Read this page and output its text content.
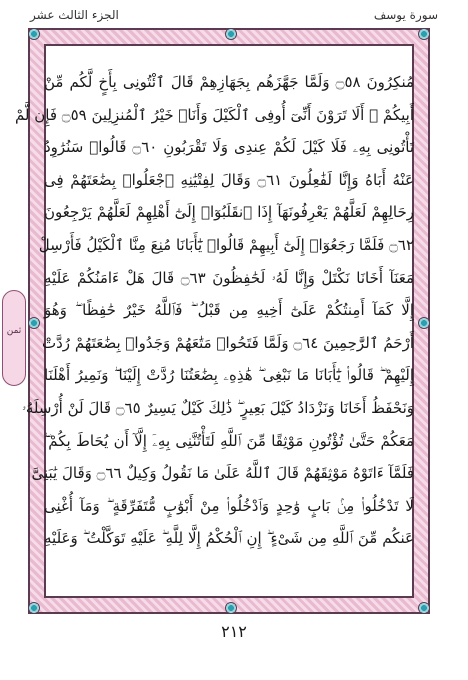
سورة يوسف
الجزء الثالث عشر
مُنكِرُونَ ۝٥٨ وَلَمَّا جَهَّزَهُم بِجَهَازِهِمْ قَالَ ٱئْتُونِى بِأَخٍ لَّكُم مِّنْ
أَبِيكُمْ ۚ أَلَا تَرَوْنَ أَنِّىٓ أُوفِى ٱلْكَيْلَ وَأَنَا۠ خَيْرُ ٱلْمُنزِلِينَ ۝٥٩ فَإِن لَّمْ
تَأْتُونِى بِهِۦ فَلَا كَيْلَ لَكُمْ عِندِى وَلَا تَقْرَبُونِ ۝٦٠ قَالُوا۟ سَنُرَٰوِدُ
عَنْهُ أَبَاهُ وَإِنَّا لَفَٰعِلُونَ ۝٦١ وَقَالَ لِفِتْيَٰنِهِ ٱجْعَلُوا۟ بِضَٰعَتَهُمْ فِى
رِحَالِهِمْ لَعَلَّهُمْ يَعْرِفُونَهَآ إِذَا ٱنقَلَبُوٓا۟ إِلَىٰٓ أَهْلِهِمْ لَعَلَّهُمْ يَرْجِعُونَ
۝٦٢ فَلَمَّا رَجَعُوٓا۟ إِلَىٰٓ أَبِيهِمْ قَالُوا۟ يَٰٓأَبَانَا مُنِعَ مِنَّا ٱلْكَيْلُ فَأَرْسِلْ
مَعَنَآ أَخَانَا نَكْتَلْ وَإِنَّا لَهُۥ لَحَٰفِظُونَ ۝٦٣ قَالَ هَلْ ءَامَنُكُمْ عَلَيْهِ
إِلَّا كَمَآ أَمِنتُكُمْ عَلَىٰٓ أَخِيهِ مِن قَبْلُ ۖ فَٱللَّهُ خَيْرٌ حَٰفِظًا ۖ وَهُوَ
أَرْحَمُ ٱلرَّٰحِمِينَ ۝٦٤ وَلَمَّا فَتَحُوا۟ مَتَٰعَهُمْ وَجَدُوا۟ بِضَٰعَتَهُمْ رُدَّتْ
إِلَيْهِمْ ۖ قَالُوا۟ يَٰٓأَبَانَا مَا نَبْغِى ۖ هَٰذِهِۦ بِضَٰعَتُنَا رُدَّتْ إِلَيْنَا ۖ وَنَمِيرُ أَهْلَنَا
وَنَحْفَظُ أَخَانَا وَنَزْدَادُ كَيْلَ بَعِيرٍ ۖ ذَٰلِكَ كَيْلٌ يَسِيرٌ ۝٦٥ قَالَ لَنْ أُرْسِلَهُۥ
مَعَكُمْ حَتَّىٰ تُؤْتُونِ مَوْثِقًا مِّنَ ٱللَّهِ لَتَأْتُنَّنِى بِهِۦٓ إِلَّآ أَن يُحَاطَ بِكُمْ ۖ
فَلَمَّآ ءَاتَوْهُ مَوْثِقَهُمْ قَالَ ٱللَّهُ عَلَىٰ مَا نَقُولُ وَكِيلٌ ۝٦٦ وَقَالَ يَٰبَنِىَّ
لَا تَدْخُلُوا۟ مِنۢ بَابٍ وَٰحِدٍ وَٱدْخُلُوا۟ مِنْ أَبْوَٰبٍ مُّتَفَرِّقَةٍ ۖ وَمَآ أُغْنِى
عَنكُم مِّنَ ٱللَّهِ مِن شَىْءٍ ۖ إِنِ ٱلْحُكْمُ إِلَّا لِلَّهِ ۖ عَلَيْهِ تَوَكَّلْتُ ۖ وَعَلَيْهِ
ثمن
٢١٢
